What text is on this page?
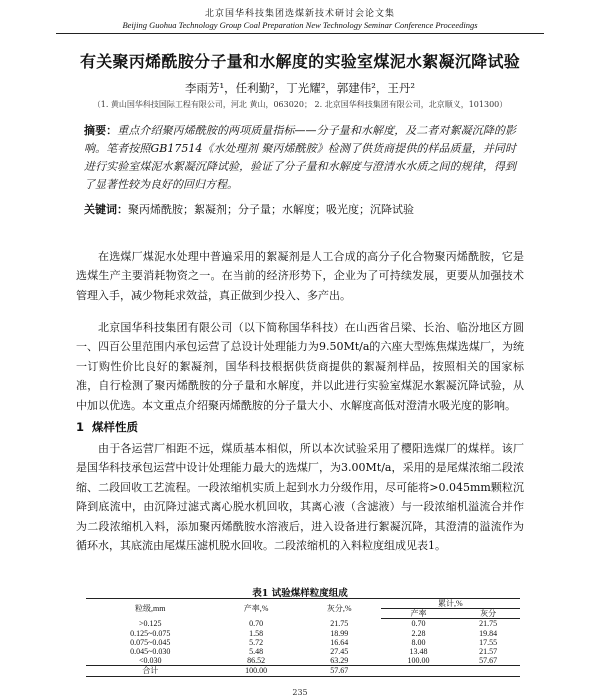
北京国华科技集团选煤新技术研讨会论文集
Beijing Guohua Technology Group Coal Preparation New Technology Seminar Conference Proceedings
有关聚丙烯酰胺分子量和水解度的实验室煤泥水絮凝沉降试验
李雨芳¹，任利勤²，丁光耀²，郭建伟²，王丹²
（1. 黄山国华科技国际工程有限公司，河北 黄山，063020； 2. 北京国华科技集团有限公司，北京顺义，101300）
摘要：重点介绍聚丙烯酰胺的两项质量指标——分子量和水解度，及二者对絮凝沉降的影响。笔者按照GB17514《水处理剂 聚丙烯酰胺》检测了供货商提供的样品质量，并同时进行实验室煤泥水絮凝沉降试验，验证了分子量和水解度与澄清水水质之间的规律，得到了显著性较为良好的回归方程。
关键词：聚丙烯酰胺；絮凝剂；分子量；水解度；吸光度；沉降试验

在选煤厂煤泥水处理中普遍采用的絮凝剂是人工合成的高分子化合物聚丙烯酰胺，它是选煤生产主要消耗物资之一。在当前的经济形势下，企业为了可持续发展，更要从加强技术管理入手，减少物耗求效益，真正做到少投入、多产出。

北京国华科技集团有限公司（以下简称国华科技）在山西省吕梁、长治、临汾地区方圆一、四百公里范围内承包运营了总设计处理能力为9.50Mt/a的六座大型炼焦煤选煤厂，为统一订购性价比良好的絮凝剂，国华科技根据供货商提供的絮凝剂样品，按照相关的国家标准，自行检测了聚丙烯酰胺的分子量和水解度，并以此进行实验室煤泥水絮凝沉降试验，从中加以优选。本文重点介绍聚丙烯酰胺的分子量大小、水解度高低对澄清水吸光度的影响。

1 煤样性质

由于各运营厂相距不远，煤质基本相似，所以本次试验采用了樱阳选煤厂的煤样。该厂是国华科技承包运营中设计处理能力最大的选煤厂，为3.00Mt/a，采用的是尾煤浓缩二段浓缩、二段回收工艺流程。一段浓缩机实质上起到水力分级作用，尽可能将>0.045mm颗粒沉降到底流中，由沉降过滤式离心脱水机回收，其离心液（含滤液）与一段浓缩机溢流合并作为二段浓缩机入料，添加聚丙烯酰胺水溶液后，进入设备进行絮凝沉降，其澄清的溢流作为循环水，其底流由尾煤压滤机脱水回收。二段浓缩机的入料粒度组成见表1。

表1 试验煤样粒度组成
粒级,mm	产率,%	灰分,%	累计,%	
			产率	灰分
>0.125	0.70	21.75	0.70	21.75
0.125~0.075	1.58	18.99	2.28	19.84
0.075~0.045	5.72	16.64	8.00	17.55
0.045~0.030	5.48	27.45	13.48	21.57
<0.030	86.52	63.29	100.00	57.67
合计	100.00	57.67		
235
